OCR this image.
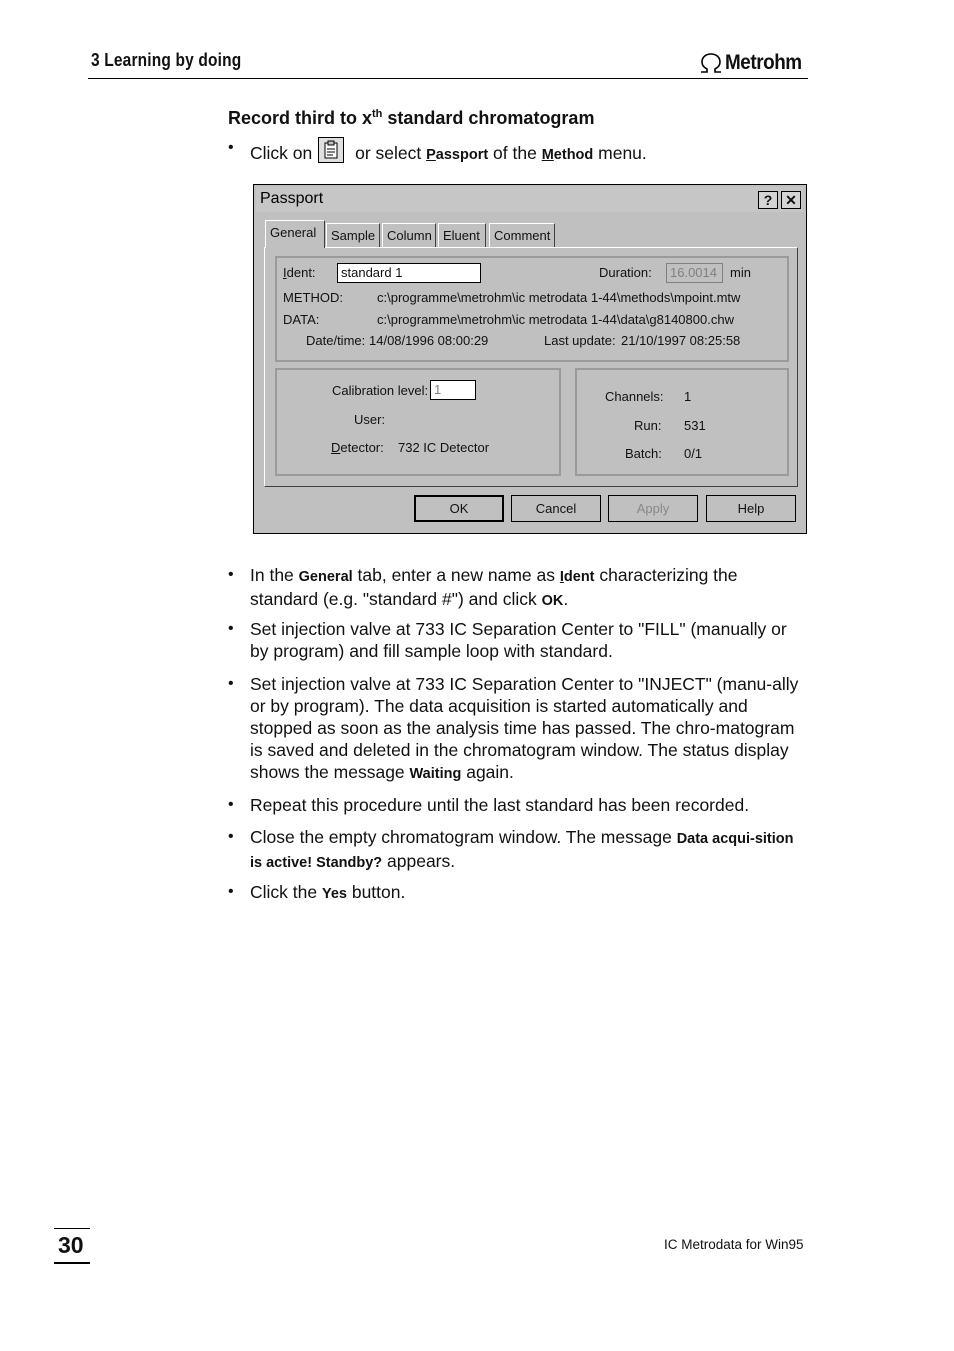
3 Learning by doing	Metrohm
Record third to $x^{th}$ standard chromatogram
• Click on
or select Passport of the Method menu.
Passport	? ✕
General	Sample Column Eluent	Comment
Ident:	standard 1	Duration:	16.0014	min
METHOD:	c:\programme\metrohm\ic metrodata 1-44\methods\mpoint.mtw
DATA:	c:\programme\metrohm\ic metrodata 1-44\data\g8140800.chw
Date/time: 14/08/1996 08:00:29	Last update: 21/10/1997 08:25:58
Calibration level: 1
User:
Detector: 732 IC Detector
Channels: 1
Run: 531
Batch: 0/1
OK	Cancel	Apply	Help
• In the General tab, enter a new name as Ident characterizing the standard (e.g. "standard #") and click OK.
• Set injection valve at 733 IC Separation Center to "FILL" (manually or by program) and fill sample loop with standard.
• Set injection valve at 733 IC Separation Center to "INJECT" (manu-ally or by program). The data acquisition is started automatically and stopped as soon as the analysis time has passed. The chro-matogram is saved and deleted in the chromatogram window. The status display shows the message Waiting again.
• Repeat this procedure until the last standard has been recorded.
• Close the empty chromatogram window. The message Data acqui-sition is active! Standby? appears.
• Click the Yes button.
30	IC Metrodata for Win95
